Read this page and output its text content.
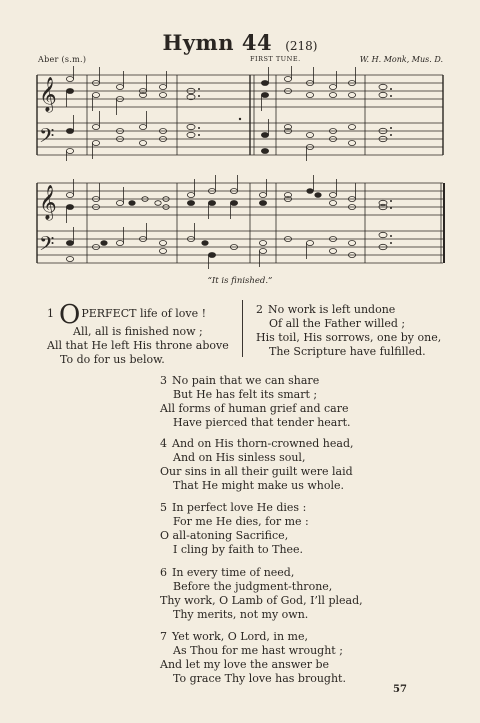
Hymn 44 (218)
Aber (s.m.)	FIRST TUNE.	W. H. Monk, Mus. D.
𝄞
𝄢
𝄞
𝄢
“It is finished.”
1 OPERFECT life of love !
All, all is finished now ;
All that He left His throne above
To do for us below.
2 No work is left undone
Of all the Father willed ;
His toil, His sorrows, one by one,
The Scripture have fulfilled.
3 No pain that we can share
But He has felt its smart ;
All forms of human grief and care
Have pierced that tender heart.
4 And on His thorn-crowned head,
And on His sinless soul,
Our sins in all their guilt were laid
That He might make us whole.
5 In perfect love He dies :
For me He dies, for me :
O all-atoning Sacrifice,
I cling by faith to Thee.
6 In every time of need,
Before the judgment-throne,
Thy work, O Lamb of God, I’ll plead,
Thy merits, not my own.
7 Yet work, O Lord, in me,
As Thou for me hast wrought ;
And let my love the answer be
To grace Thy love has brought.
57
